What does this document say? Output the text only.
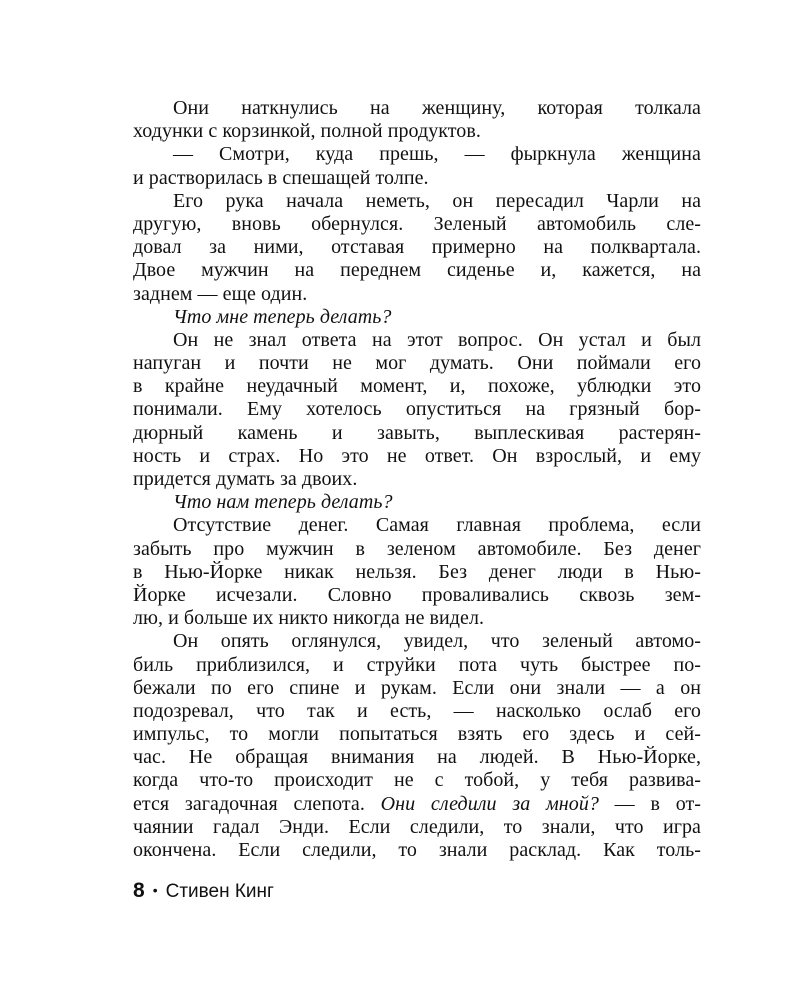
Они наткнулись на женщину, которая толкала
ходунки с корзинкой, полной продуктов.
— Смотри, куда прешь, — фыркнула женщина
и растворилась в спешащей толпе.
Его рука начала неметь, он пересадил Чарли на
другую, вновь обернулся. Зеленый автомобиль сле-
довал за ними, отставая примерно на полквартала.
Двое мужчин на переднем сиденье и, кажется, на
заднем — еще один.
Что мне теперь делать?
Он не знал ответа на этот вопрос. Он устал и был
напуган и почти не мог думать. Они поймали его
в крайне неудачный момент, и, похоже, ублюдки это
понимали. Ему хотелось опуститься на грязный бор-
дюрный камень и завыть, выплескивая растерян-
ность и страх. Но это не ответ. Он взрослый, и ему
придется думать за двоих.
Что нам теперь делать?
Отсутствие денег. Самая главная проблема, если
забыть про мужчин в зеленом автомобиле. Без денег
в Нью-Йорке никак нельзя. Без денег люди в Нью-
Йорке исчезали. Словно проваливались сквозь зем-
лю, и больше их никто никогда не видел.
Он опять оглянулся, увидел, что зеленый автомо-
биль приблизился, и струйки пота чуть быстрее по-
бежали по его спине и рукам. Если они знали — а он
подозревал, что так и есть, — насколько ослаб его
импульс, то могли попытаться взять его здесь и сей-
час. Не обращая внимания на людей. В Нью-Йорке,
когда что-то происходит не с тобой, у тебя развива-
ется загадочная слепота. Они следили за мной? — в от-
чаянии гадал Энди. Если следили, то знали, что игра
окончена. Если следили, то знали расклад. Как толь-
8 • Стивен Кинг
